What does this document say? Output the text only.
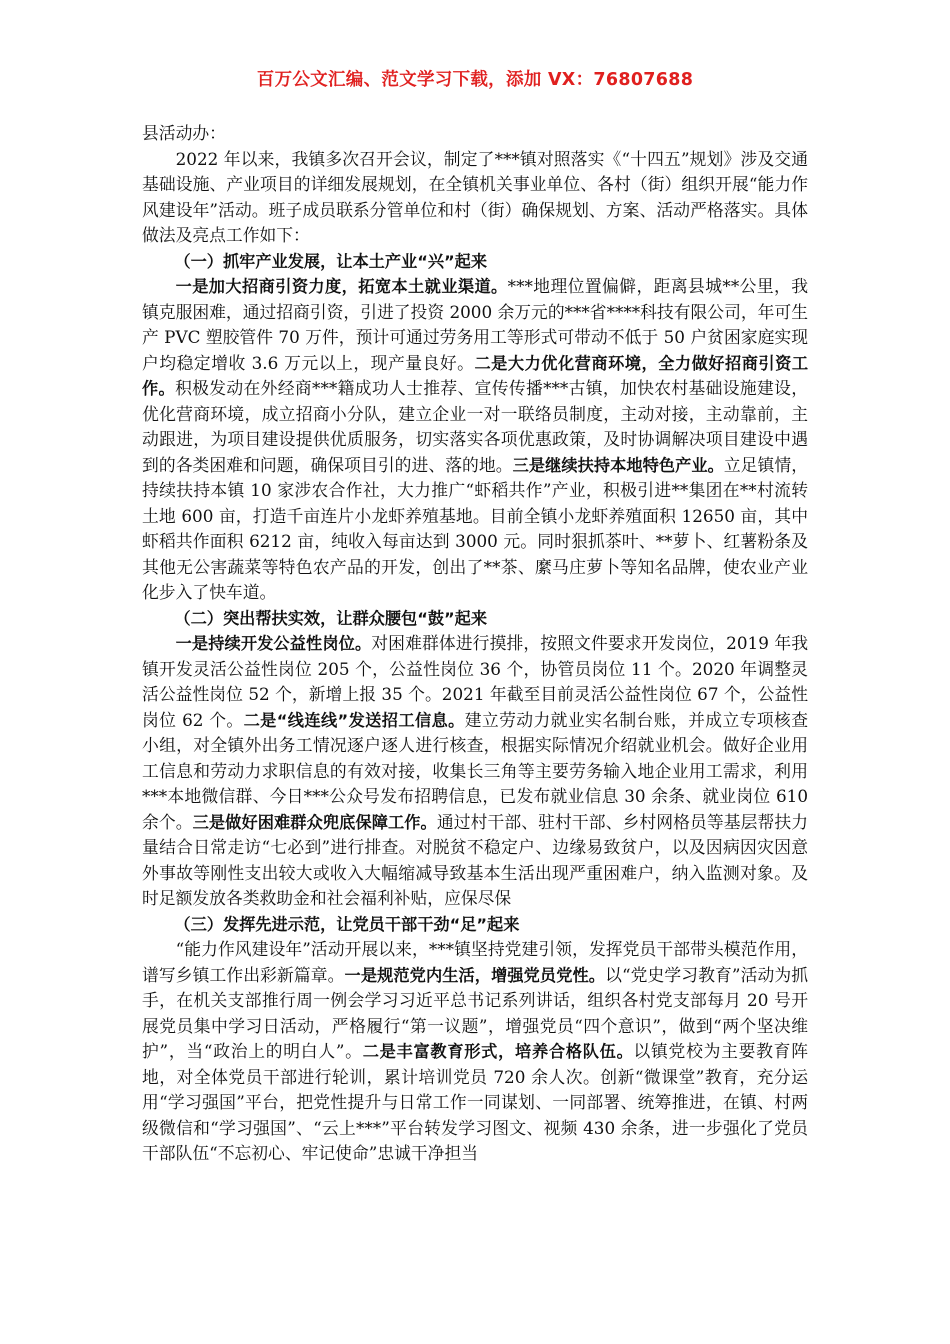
百万公文汇编、范文学习下载，添加 VX：76807688

县活动办：

2022 年以来，我镇多次召开会议，制定了***镇对照落实《“十四五”规划》涉及交通基础设施、产业项目的详细发展规划，在全镇机关事业单位、各村（街）组织开展“能力作风建设年”活动。班子成员联系分管单位和村（街）确保规划、方案、活动严格落实。具体做法及亮点工作如下：

（一）抓牢产业发展，让本土产业“兴”起来

一是加大招商引资力度，拓宽本土就业渠道。***地理位置偏僻，距离县城**公里，我镇克服困难，通过招商引资，引进了投资 2000 余万元的***省****科技有限公司，年可生产 PVC 塑胶管件 70 万件，预计可通过劳务用工等形式可带动不低于 50 户贫困家庭实现户均稳定增收 3.6 万元以上，现产量良好。二是大力优化营商环境，全力做好招商引资工作。积极发动在外经商***籍成功人士推荐、宣传传播***古镇，加快农村基础设施建设，优化营商环境，成立招商小分队，建立企业一对一联络员制度，主动对接，主动靠前，主动跟进，为项目建设提供优质服务，切实落实各项优惠政策，及时协调解决项目建设中遇到的各类困难和问题，确保项目引的进、落的地。三是继续扶持本地特色产业。立足镇情，持续扶持本镇 10 家涉农合作社，大力推广“虾稻共作”产业，积极引进**集团在**村流转土地 600 亩，打造千亩连片小龙虾养殖基地。目前全镇小龙虾养殖面积 12650 亩，其中虾稻共作面积 6212 亩，纯收入每亩达到 3000 元。同时狠抓茶叶、**萝卜、红薯粉条及其他无公害蔬菜等特色农产品的开发，创出了**茶、縻马庄萝卜等知名品牌，使农业产业化步入了快车道。

（二）突出帮扶实效，让群众腰包“鼓”起来

一是持续开发公益性岗位。对困难群体进行摸排，按照文件要求开发岗位，2019 年我镇开发灵活公益性岗位 205 个，公益性岗位 36 个，协管员岗位 11 个。2020 年调整灵活公益性岗位 52 个，新增上报 35 个。2021 年截至目前灵活公益性岗位 67 个，公益性岗位 62 个。二是“线连线”发送招工信息。建立劳动力就业实名制台账，并成立专项核查小组，对全镇外出务工情况逐户逐人进行核查，根据实际情况介绍就业机会。做好企业用工信息和劳动力求职信息的有效对接，收集长三角等主要劳务输入地企业用工需求，利用***本地微信群、今日***公众号发布招聘信息，已发布就业信息 30 余条、就业岗位 610 余个。三是做好困难群众兜底保障工作。通过村干部、驻村干部、乡村网格员等基层帮扶力量结合日常走访“七必到”进行排查。对脱贫不稳定户、边缘易致贫户，以及因病因灾因意外事故等刚性支出较大或收入大幅缩减导致基本生活出现严重困难户，纳入监测对象。及时足额发放各类救助金和社会福利补贴，应保尽保

（三）发挥先进示范，让党员干部干劲“足”起来

“能力作风建设年”活动开展以来，***镇坚持党建引领，发挥党员干部带头模范作用，谱写乡镇工作出彩新篇章。一是规范党内生活，增强党员党性。以“党史学习教育”活动为抓手，在机关支部推行周一例会学习习近平总书记系列讲话，组织各村党支部每月 20 号开展党员集中学习日活动，严格履行“第一议题”，增强党员“四个意识”，做到“两个坚决维护”，当“政治上的明白人”。二是丰富教育形式，培养合格队伍。以镇党校为主要教育阵地，对全体党员干部进行轮训，累计培训党员 720 余人次。创新“微课堂”教育，充分运用“学习强国”平台，把党性提升与日常工作一同谋划、一同部署、统筹推进，在镇、村两级微信和“学习强国”、“云上***”平台转发学习图文、视频 430 余条，进一步强化了党员干部队伍“不忘初心、牢记使命”忠诚干净担当
